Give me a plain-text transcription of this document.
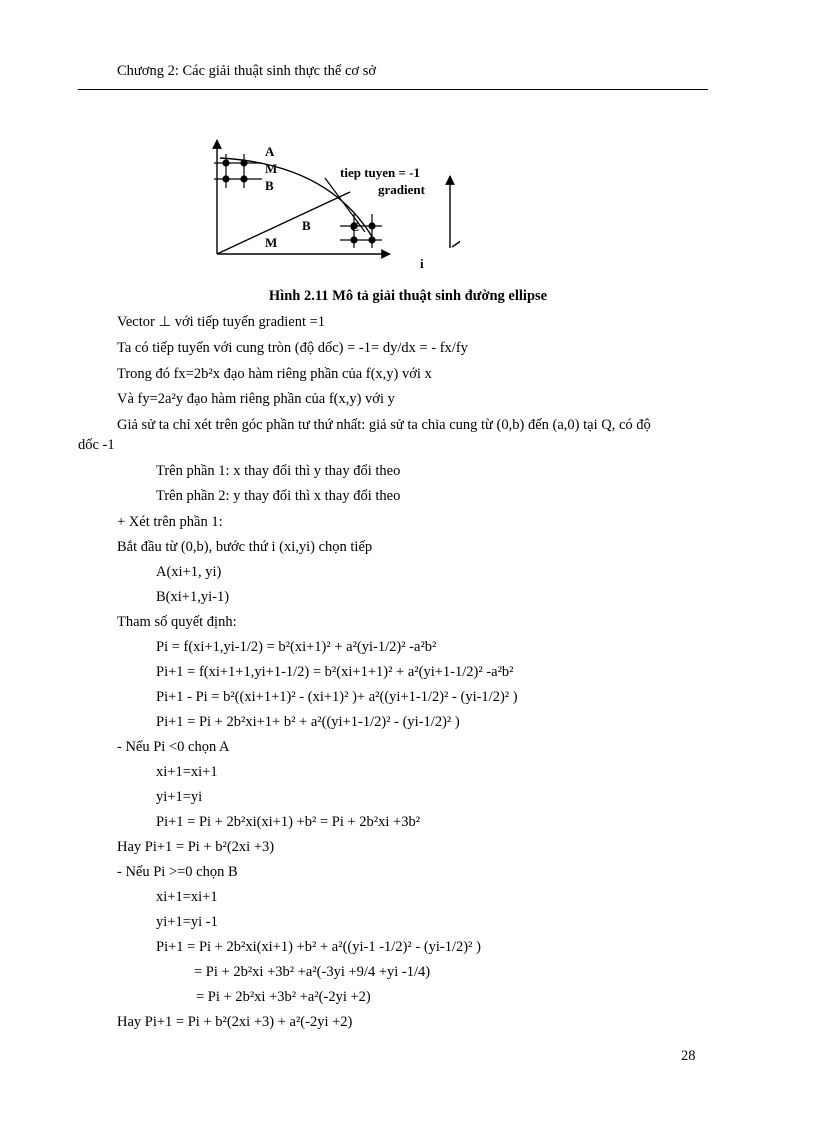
Chương 2: Các giải thuật sinh thực thể cơ sở
A
M
B
B
M
C
tiep tuyen = -1
gradient
i
Hình 2.11 Mô tả giải thuật sinh đường ellipse
Vector ⊥ với tiếp tuyến gradient =1
Ta có tiếp tuyến với cung tròn (độ dốc) = -1= dy/dx = - fx/fy
Trong đó fx=2b²x đạo hàm riêng phần của f(x,y) với x
Và fy=2a²y đạo hàm riêng phần của f(x,y) với y
Giả sử ta chỉ xét trên góc phần tư thứ nhất: giả sử ta chia cung từ (0,b) đến (a,0) tại Q, có độ
dốc -1
Trên phần 1: x thay đổi thì y thay đổi theo
Trên phần 2: y thay đổi thì x thay đổi theo
+ Xét trên phần 1:
Bắt đầu từ (0,b), bước thứ i (xi,yi) chọn tiếp
A(xi+1, yi)
B(xi+1,yi-1)
Tham số quyết định:
Pi = f(xi+1,yi-1/2) = b²(xi+1)² + a²(yi-1/2)² -a²b²
Pi+1 = f(xi+1+1,yi+1-1/2) = b²(xi+1+1)² + a²(yi+1-1/2)² -a²b²
Pi+1 - Pi = b²((xi+1+1)² - (xi+1)² )+ a²((yi+1-1/2)² - (yi-1/2)² )
Pi+1 = Pi + 2b²xi+1+ b² + a²((yi+1-1/2)² - (yi-1/2)² )
- Nếu Pi <0 chọn A
xi+1=xi+1
yi+1=yi
Pi+1 = Pi + 2b²xi(xi+1) +b² = Pi + 2b²xi +3b²
Hay Pi+1 = Pi + b²(2xi +3)
- Nếu Pi >=0 chọn B
xi+1=xi+1
yi+1=yi -1
Pi+1 = Pi + 2b²xi(xi+1) +b² + a²((yi-1 -1/2)² - (yi-1/2)² )
= Pi + 2b²xi +3b² +a²(-3yi +9/4 +yi -1/4)
= Pi + 2b²xi +3b² +a²(-2yi +2)
Hay Pi+1 = Pi + b²(2xi +3) + a²(-2yi +2)
28
